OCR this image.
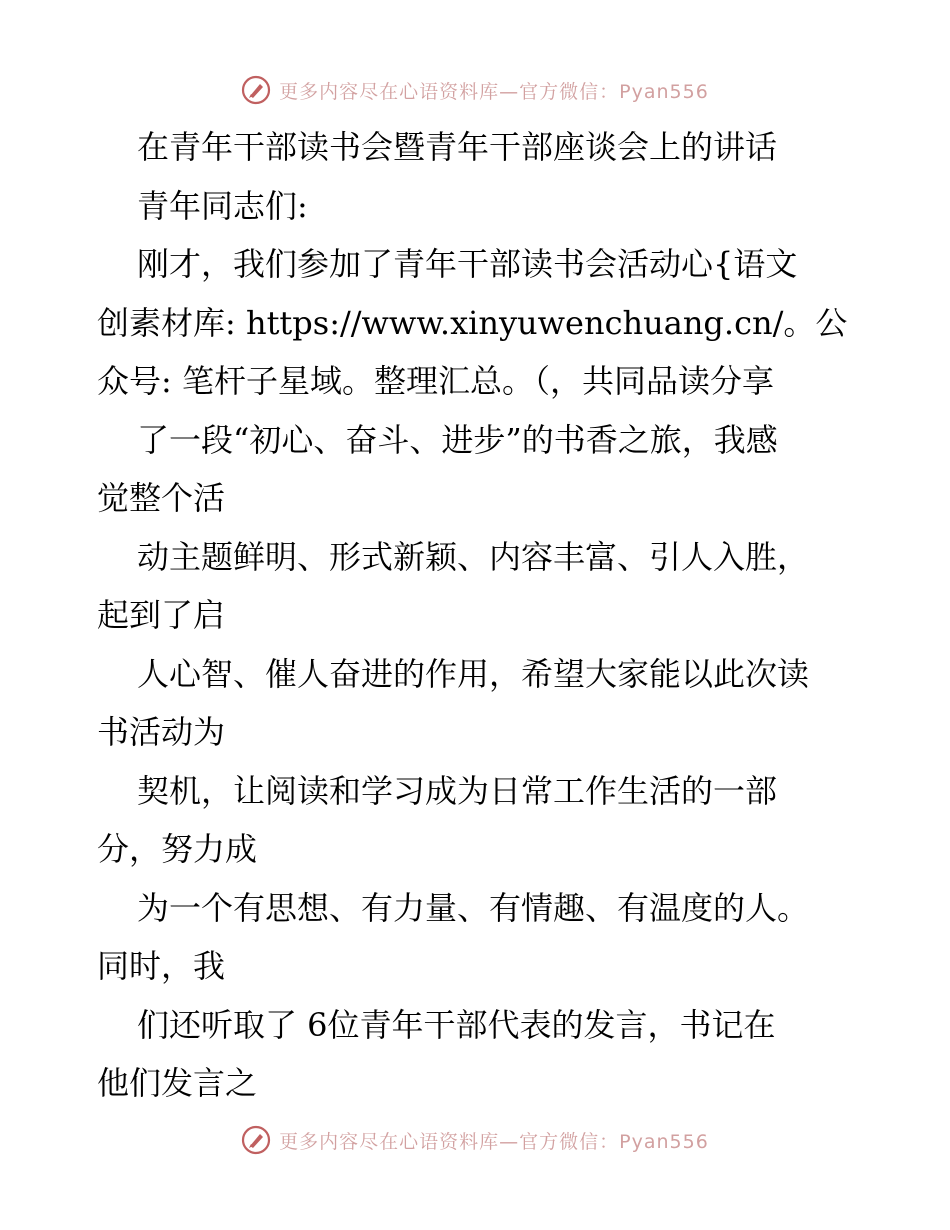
更多内容尽在心语资料库—官方微信：Pyan556
在青年干部读书会暨青年干部座谈会上的讲话
青年同志们:
刚才，我们参加了青年干部读书会活动心{语文
创素材库: https://www.xinyuwenchuang.cn/。公
众号: 笔杆子星域。整理汇总。（，共同品读分享
了一段“初心、奋斗、进步”的书香之旅，我感
觉整个活
动主题鲜明、形式新颖、内容丰富、引人入胜，
起到了启
人心智、催人奋进的作用，希望大家能以此次读
书活动为
契机，让阅读和学习成为日常工作生活的一部
分，努力成
为一个有思想、有力量、有情趣、有温度的人。
同时，我
们还听取了 6位青年干部代表的发言，书记在
他们发言之
更多内容尽在心语资料库—官方微信：Pyan556
